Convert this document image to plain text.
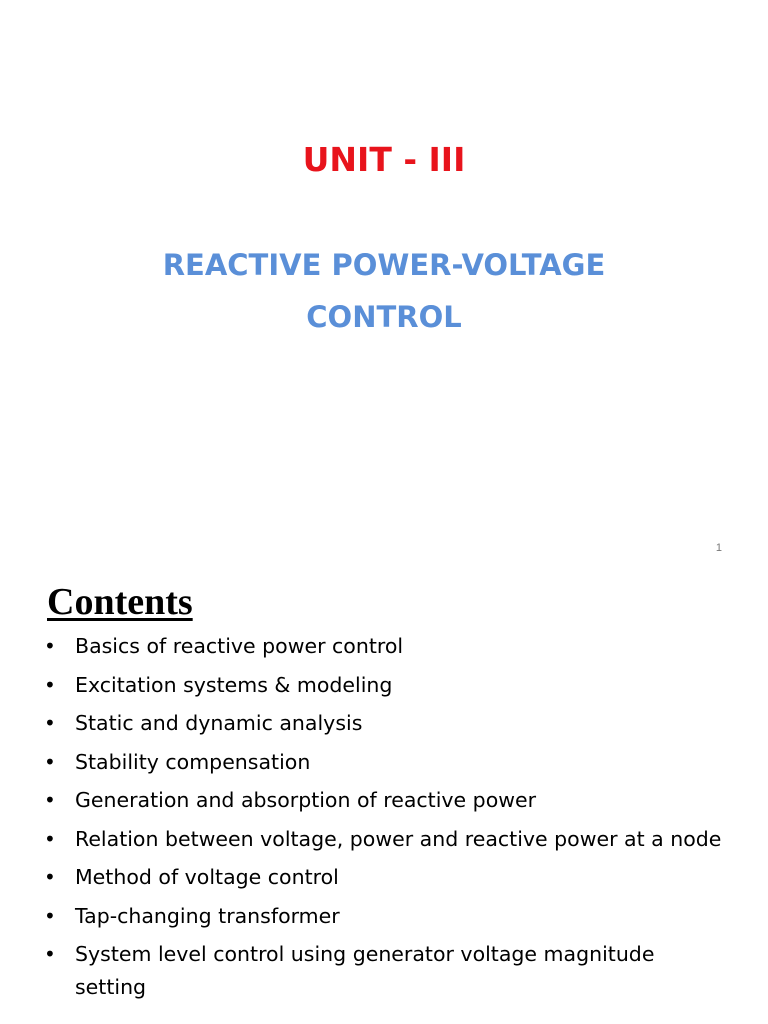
UNIT - III
REACTIVE POWER-VOLTAGE
CONTROL
1
Contents
• Basics of reactive power control
• Excitation systems & modeling
• Static and dynamic analysis
• Stability compensation
• Generation and absorption of reactive power
• Relation between voltage, power and reactive power at a node
• Method of voltage control
• Tap-changing transformer
• System level control using generator voltage magnitude setting
